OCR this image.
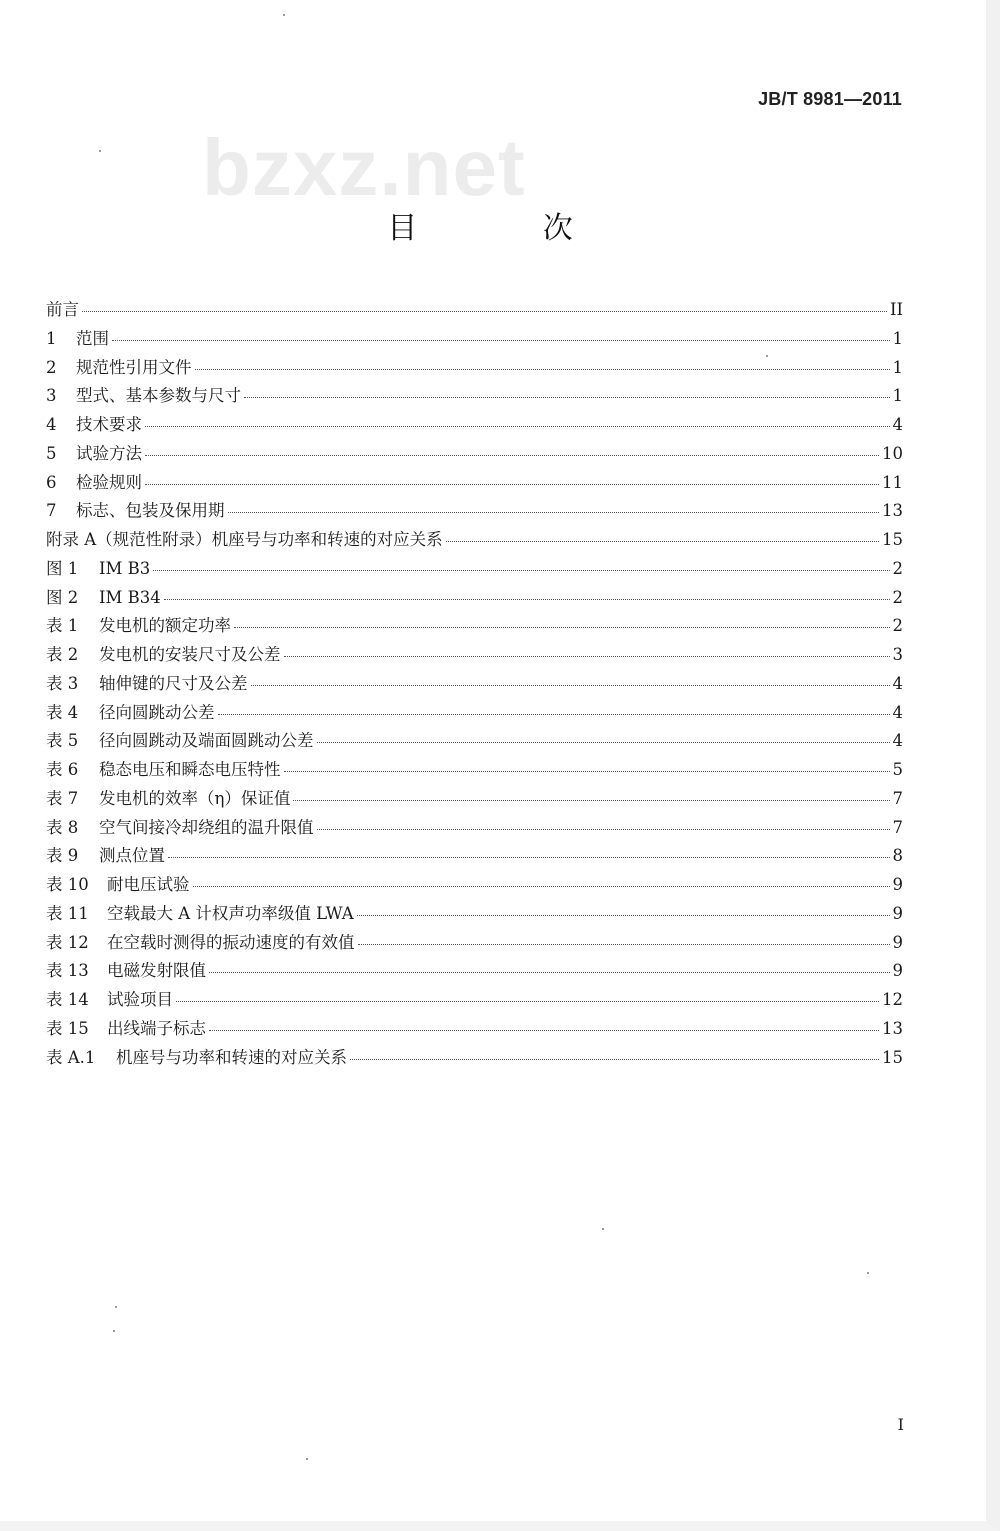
bzxz.net
JB/T 8981—2011
目 次
前言	II
1	范围	1
2	规范性引用文件	1
3	型式、基本参数与尺寸	1
4	技术要求	4
5	试验方法	10
6	检验规则	11
7	标志、包装及保用期	13
附录 A （规范性附录）机座号与功率和转速的对应关系	15
图 1	IM B3	2
图 2	IM B34	2
表 1	发电机的额定功率	2
表 2	发电机的安装尺寸及公差	3
表 3	轴伸键的尺寸及公差	4
表 4	径向圆跳动公差	4
表 5	径向圆跳动及端面圆跳动公差	4
表 6	稳态电压和瞬态电压特性	5
表 7	发电机的效率（η）保证值	7
表 8	空气间接冷却绕组的温升限值	7
表 9	测点位置	8
表 10	耐电压试验	9
表 11	空载最大 A 计权声功率级值 LWA	9
表 12	在空载时测得的振动速度的有效值	9
表 13	电磁发射限值	9
表 14	试验项目	12
表 15	出线端子标志	13
表 A.1	机座号与功率和转速的对应关系	15
I
